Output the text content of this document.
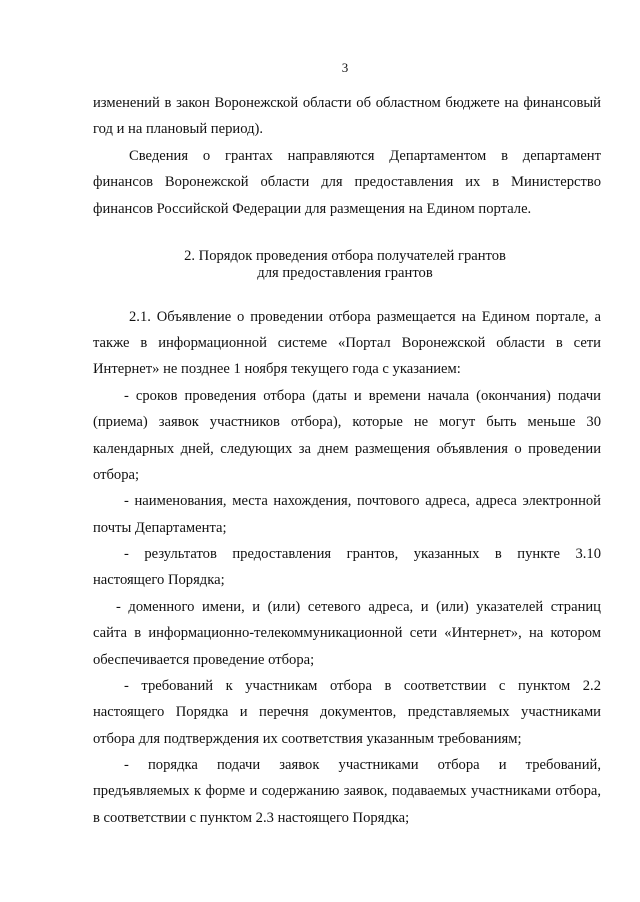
3
изменений в закон Воронежской области об областном бюджете на финансовый
год и на плановый период).
Сведения о грантах направляются Департаментом в департамент
финансов Воронежской области для предоставления их в Министерство
финансов Российской Федерации для размещения на Едином портале.
2. Порядок проведения отбора получателей грантов
для предоставления грантов
2.1. Объявление о проведении отбора размещается на Едином портале, а
также в информационной системе «Портал Воронежской области в сети
Интернет» не позднее 1 ноября текущего года с указанием:
- сроков проведения отбора (даты и времени начала (окончания) подачи
(приема) заявок участников отбора), которые не могут быть меньше 30
календарных дней, следующих за днем размещения объявления о проведении
отбора;
- наименования, места нахождения, почтового адреса, адреса электронной
почты Департамента;
- результатов предоставления грантов, указанных в пункте 3.10
настоящего Порядка;
- доменного имени, и (или) сетевого адреса, и (или) указателей страниц
сайта в информационно-телекоммуникационной сети «Интернет», на котором
обеспечивается проведение отбора;
- требований к участникам отбора в соответствии с пунктом 2.2
настоящего Порядка и перечня документов, представляемых участниками
отбора для подтверждения их соответствия указанным требованиям;
- порядка подачи заявок участниками отбора и требований,
предъявляемых к форме и содержанию заявок, подаваемых участниками отбора,
в соответствии с пунктом 2.3 настоящего Порядка;
